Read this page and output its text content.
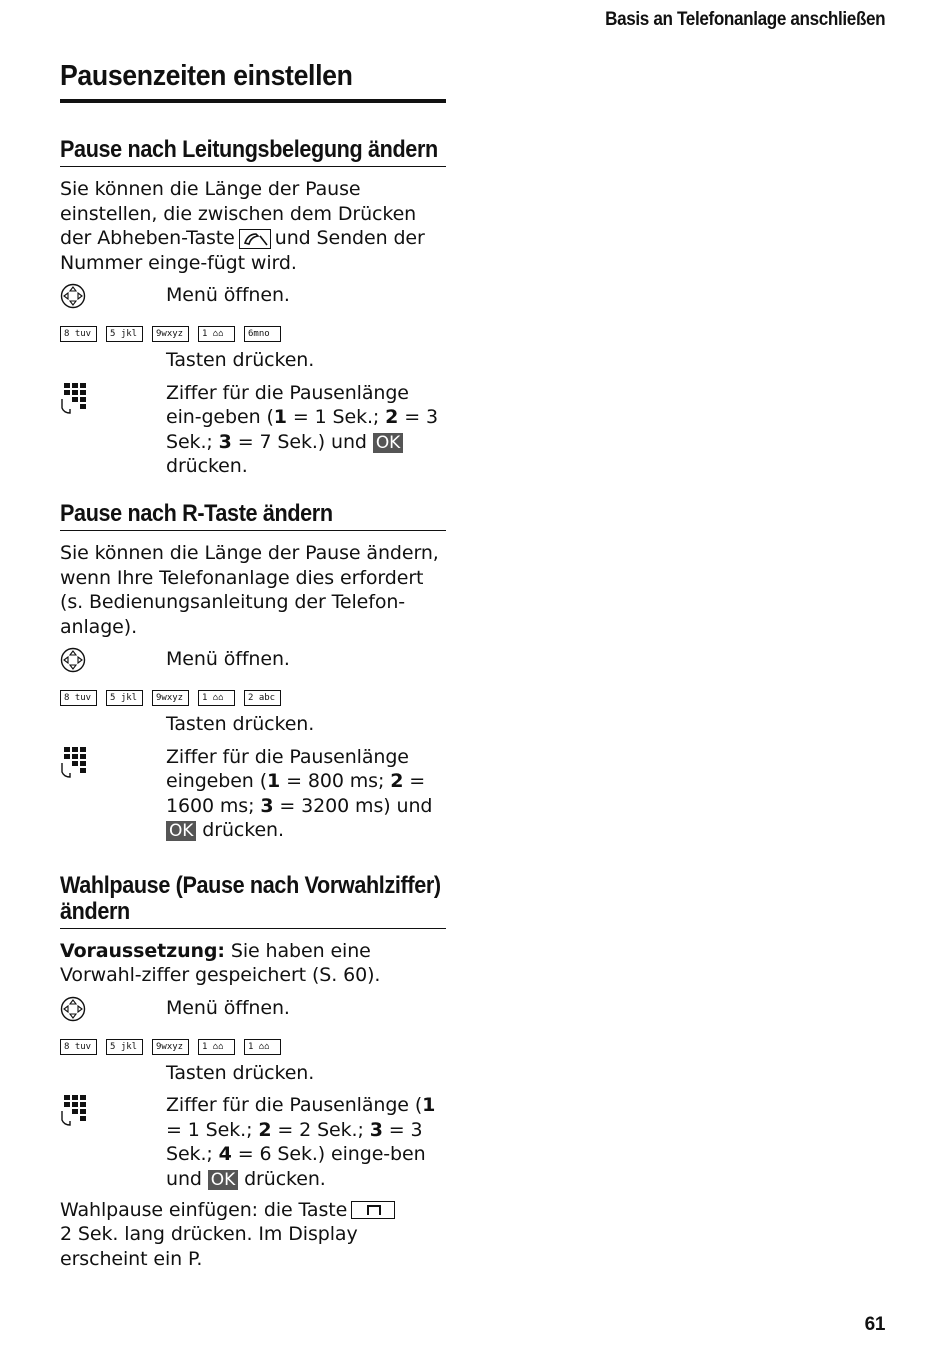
Basis an Telefonanlage anschließen
Pausenzeiten einstellen
Pause nach Leitungsbelegung ändern

Sie können die Länge der Pause einstellen, die zwischen dem Drücken der Abheben-Taste und Senden der Nummer einge-fügt wird.

Menü öffnen.
8 tuv	5 jkl	9wxyz	1 ⌂⌂	6mno

Tasten drücken.

Ziffer für die Pausenlänge ein-geben (1 = 1 Sek.; 2 = 3 Sek.; 3 = 7 Sek.) und OK drücken.
Pause nach R-Taste ändern

Sie können die Länge der Pause ändern, wenn Ihre Telefonanlage dies erfordert (s. Bedienungsanleitung der Telefon-anlage).

Menü öffnen.
8 tuv	5 jkl	9wxyz	1 ⌂⌂	2 abc

Tasten drücken.

Ziffer für die Pausenlänge eingeben (1 = 800 ms; 2 = 1600 ms; 3 = 3200 ms) und OK drücken.
Wahlpause (Pause nach Vorwahlziffer)
ändern

Voraussetzung: Sie haben eine Vorwahl-ziffer gespeichert (S. 60).

Menü öffnen.
8 tuv	5 jkl	9wxyz	1 ⌂⌂	1 ⌂⌂

Tasten drücken.

Ziffer für die Pausenlänge (1 = 1 Sek.; 2 = 2 Sek.; 3 = 3 Sek.; 4 = 6 Sek.) einge-ben und OK drücken.

Wahlpause einfügen: die Taste

2 Sek. lang drücken. Im Display erscheint ein P.

61
